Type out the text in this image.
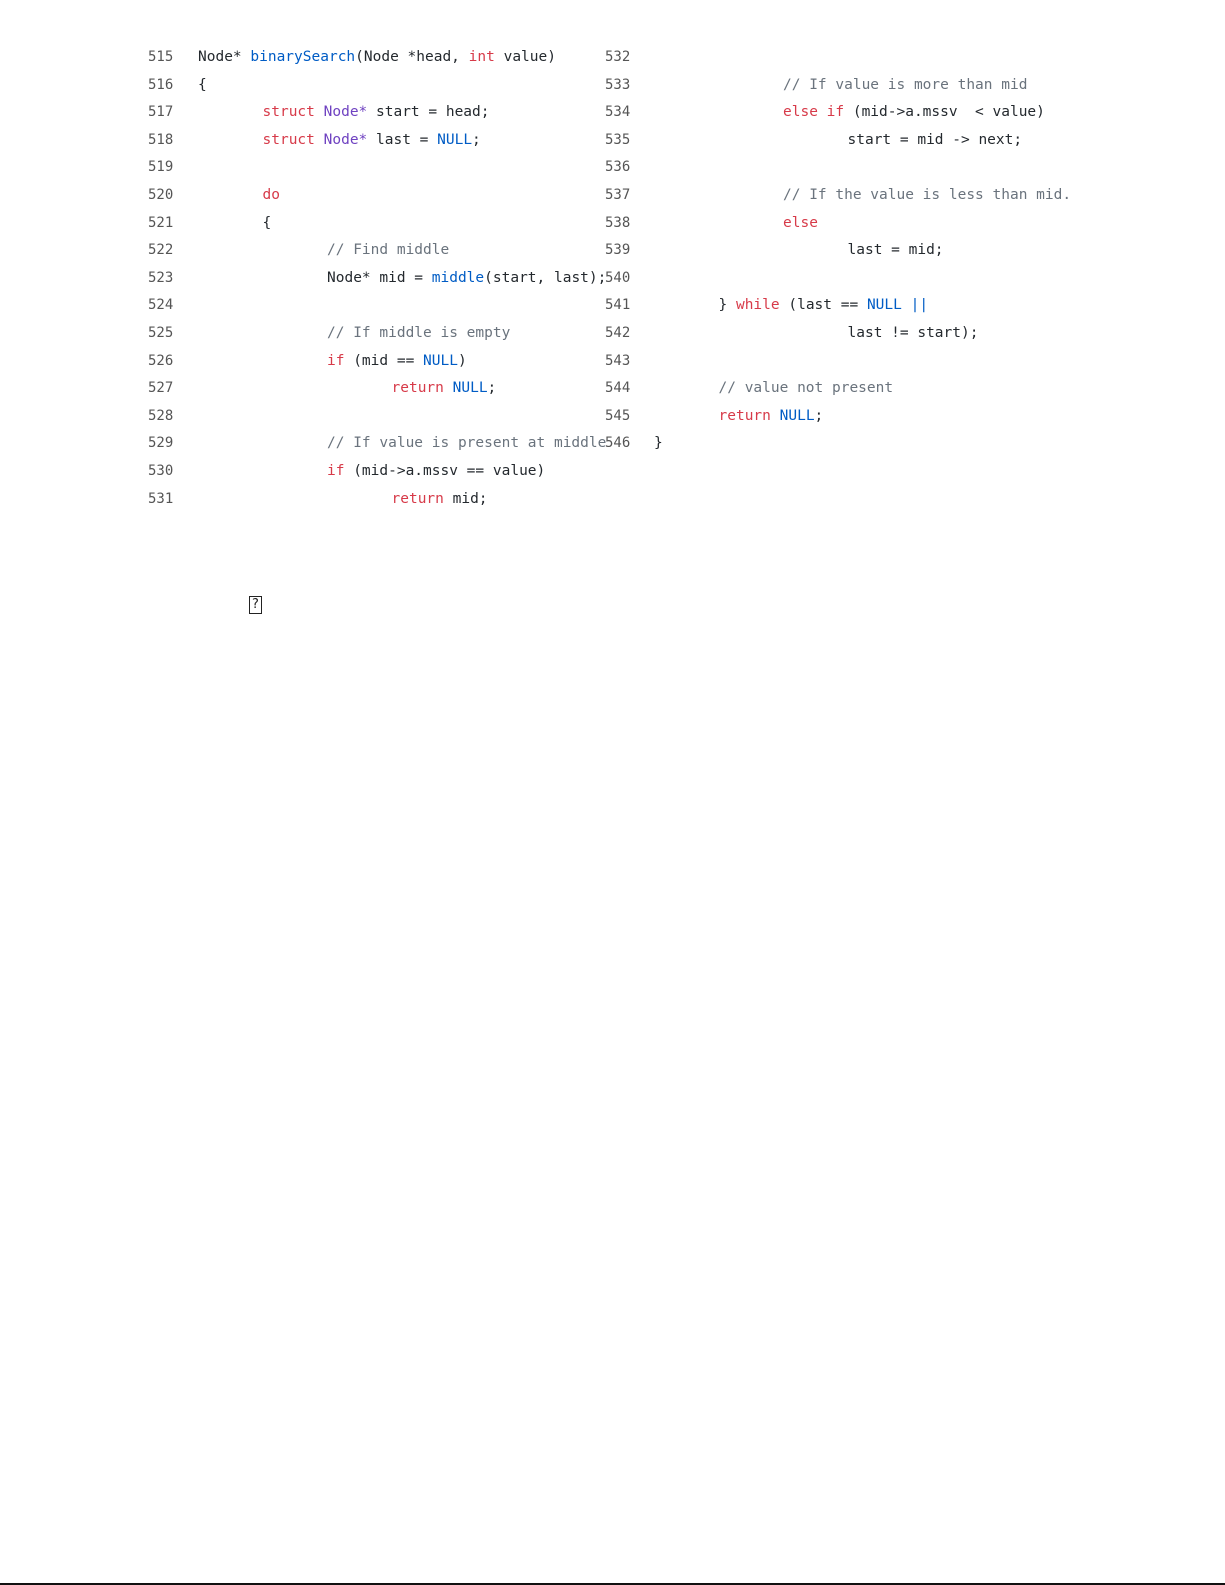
515 Node* binarySearch(Node *head, int value)
516 {
517	struct Node* start = head;
518	struct Node* last = NULL;
519
520	do
521	{
522	// Find middle
523	Node* mid = middle(start, last);
524
525	// If middle is empty
526	if (mid == NULL)
527	return NULL;
528
529	// If value is present at middle
530	if (mid->a.mssv == value)
531	return mid;
532
533	// If value is more than mid
534	else if (mid->a.mssv  < value)
535	start = mid -> next;
536
537	// If the value is less than mid.
538	else
539	last = mid;
540
541	} while (last == NULL ||
542	last != start);
543
544	// value not present
545	return NULL;
546 }
?
